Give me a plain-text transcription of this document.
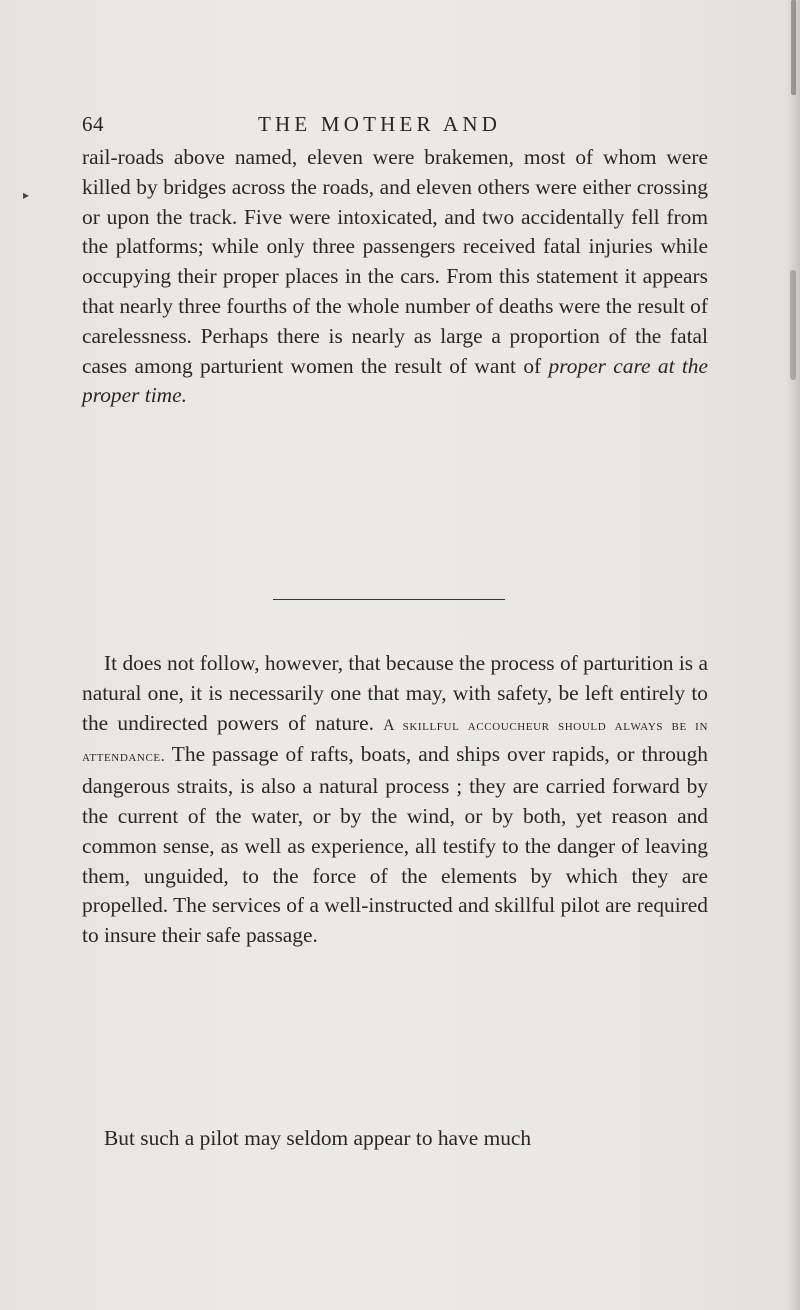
▸
64	THE MOTHER AND
rail-roads above named, eleven were brakemen, most of whom were killed by bridges across the roads, and eleven others were either crossing or upon the track. Five were intoxicated, and two accidentally fell from the platforms; while only three passengers received fatal injuries while occupying their proper places in the cars. From this statement it appears that nearly three fourths of the whole number of deaths were the result of carelessness. Perhaps there is nearly as large a proportion of the fatal cases among parturient women the result of want of proper care at the proper time.
It does not follow, however, that because the process of parturition is a natural one, it is necessarily one that may, with safety, be left entirely to the undirected powers of nature. A skillful accoucheur should always be in attendance. The passage of rafts, boats, and ships over rapids, or through dangerous straits, is also a natural process ; they are carried forward by the current of the water, or by the wind, or by both, yet reason and common sense, as well as experience, all testify to the danger of leaving them, unguided, to the force of the elements by which they are propelled. The services of a well-instructed and skillful pilot are required to insure their safe passage.
But such a pilot may seldom appear to have much
